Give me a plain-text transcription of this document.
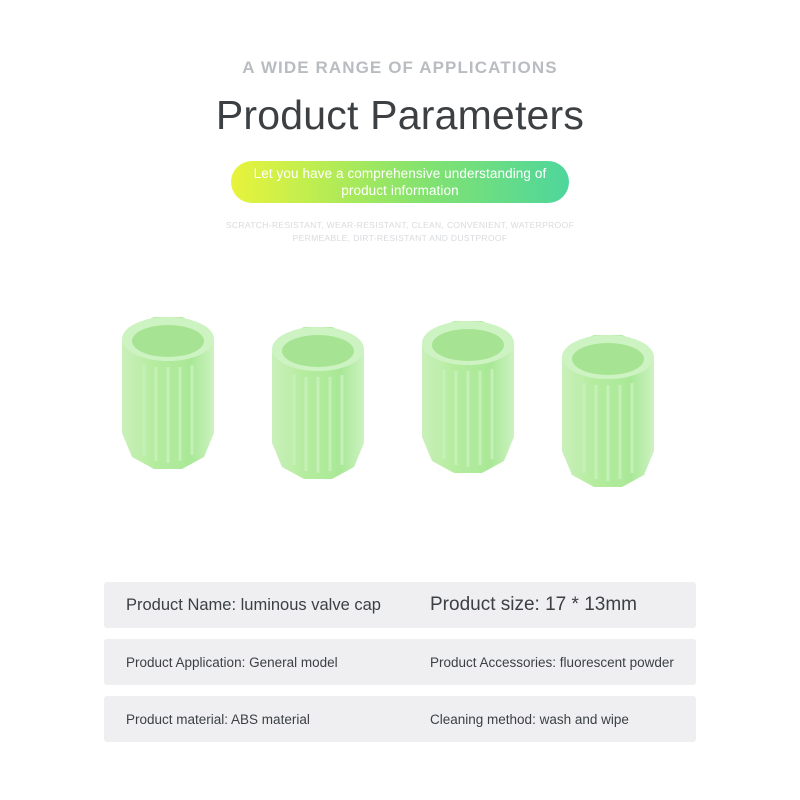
A WIDE RANGE OF APPLICATIONS

Product Parameters
Let you have a comprehensive understanding of product information
SCRATCH-RESISTANT, WEAR-RESISTANT, CLEAN, CONVENIENT, WATERPROOF
PERMEABLE, DIRT-RESISTANT AND DUSTPROOF
Product Name: luminous valve cap	Product size: 17 * 13mm
Product Application: General model	Product Accessories: fluorescent powder
Product material: ABS material	Cleaning method: wash and wipe
